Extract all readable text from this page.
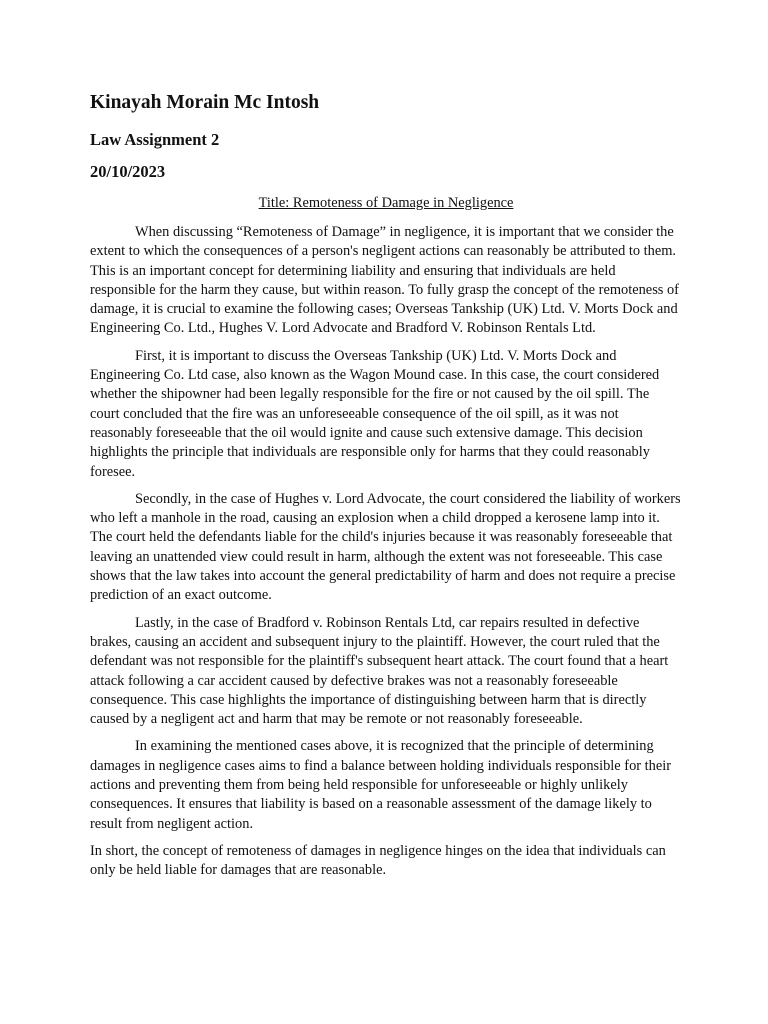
Kinayah Morain Mc Intosh
Law Assignment 2
20/10/2023

Title: Remoteness of Damage in Negligence

When discussing “Remoteness of Damage” in negligence, it is important that we consider the extent to which the consequences of a person's negligent actions can reasonably be attributed to them. This is an important concept for determining liability and ensuring that individuals are held responsible for the harm they cause, but within reason. To fully grasp the concept of the remoteness of damage, it is crucial to examine the following cases; Overseas Tankship (UK) Ltd. V. Morts Dock and Engineering Co. Ltd., Hughes V. Lord Advocate and Bradford V. Robinson Rentals Ltd.

First, it is important to discuss the Overseas Tankship (UK) Ltd. V. Morts Dock and Engineering Co. Ltd case, also known as the Wagon Mound case. In this case, the court considered whether the shipowner had been legally responsible for the fire or not caused by the oil spill. The court concluded that the fire was an unforeseeable consequence of the oil spill, as it was not reasonably foreseeable that the oil would ignite and cause such extensive damage. This decision highlights the principle that individuals are responsible only for harms that they could reasonably foresee.

Secondly, in the case of Hughes v. Lord Advocate, the court considered the liability of workers who left a manhole in the road, causing an explosion when a child dropped a kerosene lamp into it. The court held the defendants liable for the child's injuries because it was reasonably foreseeable that leaving an unattended view could result in harm, although the extent was not foreseeable. This case shows that the law takes into account the general predictability of harm and does not require a precise prediction of an exact outcome.

Lastly, in the case of Bradford v. Robinson Rentals Ltd, car repairs resulted in defective brakes, causing an accident and subsequent injury to the plaintiff. However, the court ruled that the defendant was not responsible for the plaintiff's subsequent heart attack. The court found that a heart attack following a car accident caused by defective brakes was not a reasonably foreseeable consequence. This case highlights the importance of distinguishing between harm that is directly caused by a negligent act and harm that may be remote or not reasonably foreseeable.

In examining the mentioned cases above, it is recognized that the principle of determining damages in negligence cases aims to find a balance between holding individuals responsible for their actions and preventing them from being held responsible for unforeseeable or highly unlikely consequences. It ensures that liability is based on a reasonable assessment of the damage likely to result from negligent action.

In short, the concept of remoteness of damages in negligence hinges on the idea that individuals can only be held liable for damages that are reasonable.
